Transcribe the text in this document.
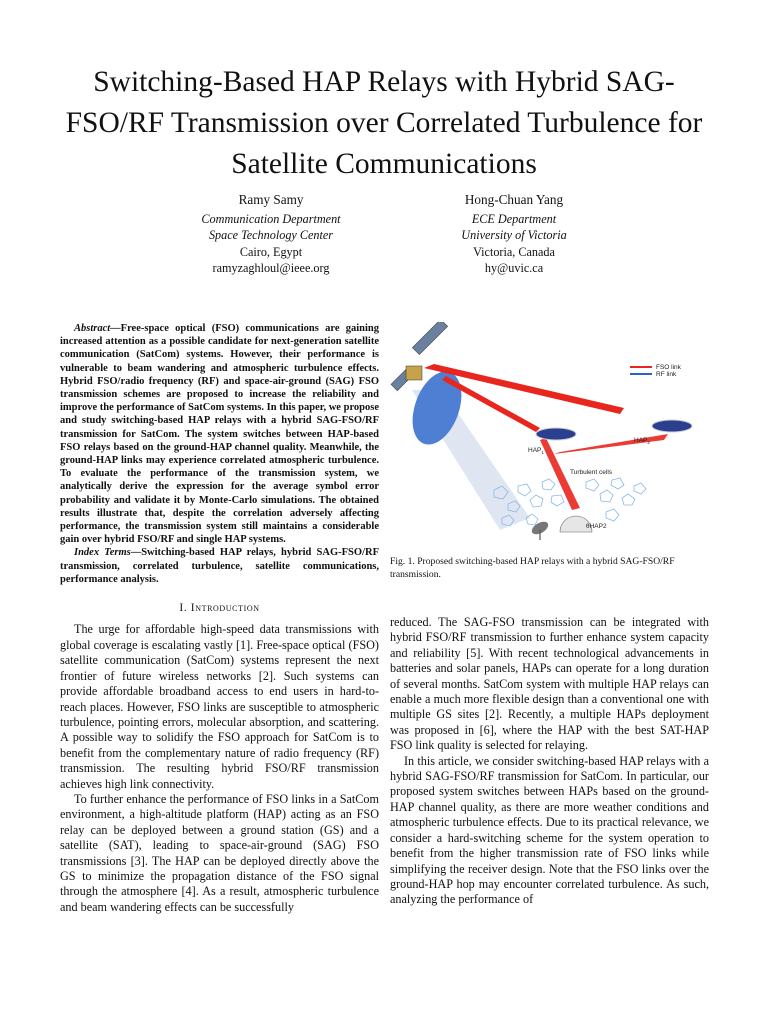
Switching-Based HAP Relays with Hybrid SAG-FSO/RF Transmission over Correlated Turbulence for Satellite Communications
Ramy Samy
Communication Department
Space Technology Center
Cairo, Egypt
ramyzaghloul@ieee.org
Hong-Chuan Yang
ECE Department
University of Victoria
Victoria, Canada
hy@uvic.ca

Abstract—Free-space optical (FSO) communications are gaining increased attention as a possible candidate for next-generation satellite communication (SatCom) systems. However, their performance is vulnerable to beam wandering and atmospheric turbulence effects. Hybrid FSO/radio frequency (RF) and space-air-ground (SAG) FSO transmission schemes are proposed to increase the reliability and improve the performance of SatCom systems. In this paper, we propose and study switching-based HAP relays with a hybrid SAG-FSO/RF transmission for SatCom. The system switches between HAP-based FSO relays based on the ground-HAP channel quality. Meanwhile, the ground-HAP links may experience correlated atmospheric turbulence. To evaluate the performance of the transmission system, we analytically derive the expression for the average symbol error probability and validate it by Monte-Carlo simulations. The obtained results illustrate that, despite the correlation adversely affecting performance, the transmission system still maintains a considerable gain over hybrid FSO/RF and single HAP systems.

Index Terms—Switching-based HAP relays, hybrid SAG-FSO/RF transmission, correlated turbulence, satellite communications, performance analysis.

I. Introduction

The urge for affordable high-speed data transmissions with global coverage is escalating vastly [1]. Free-space optical (FSO) satellite communication (SatCom) systems represent the next frontier of future wireless networks [2]. Such systems can provide affordable broadband access to end users in hard-to-reach places. However, FSO links are susceptible to atmospheric turbulence, pointing errors, molecular absorption, and scattering. A possible way to solidify the FSO approach for SatCom is to benefit from the complementary nature of radio frequency (RF) transmission. The resulting hybrid FSO/RF transmission achieves high link connectivity.

To further enhance the performance of FSO links in a SatCom environment, a high-altitude platform (HAP) acting as an FSO relay can be deployed between a ground station (GS) and a satellite (SAT), leading to space-air-ground (SAG) FSO transmissions [3]. The HAP can be deployed directly above the GS to minimize the propagation distance of the FSO signal through the atmosphere [4]. As a result, atmospheric turbulence and beam wandering effects can be successfully

$HAP_1$
$HAP_2$
FSO link
RF link
Turbulent cells
θHAP2
Fig. 1. Proposed switching-based HAP relays with a hybrid SAG-FSO/RF transmission.

reduced. The SAG-FSO transmission can be integrated with hybrid FSO/RF transmission to further enhance system capacity and reliability [5]. With recent technological advancements in batteries and solar panels, HAPs can operate for a long duration of several months. SatCom system with multiple HAP relays can enable a much more flexible design than a conventional one with multiple GS sites [2]. Recently, a multiple HAPs deployment was proposed in [6], where the HAP with the best SAT-HAP FSO link quality is selected for relaying.

In this article, we consider switching-based HAP relays with a hybrid SAG-FSO/RF transmission for SatCom. In particular, our proposed system switches between HAPs based on the ground-HAP channel quality, as there are more weather conditions and atmospheric turbulence effects. Due to its practical relevance, we consider a hard-switching scheme for the system operation to benefit from the higher transmission rate of FSO links while simplifying the receiver design. Note that the FSO links over the ground-HAP hop may encounter correlated turbulence. As such, analyzing the performance of
